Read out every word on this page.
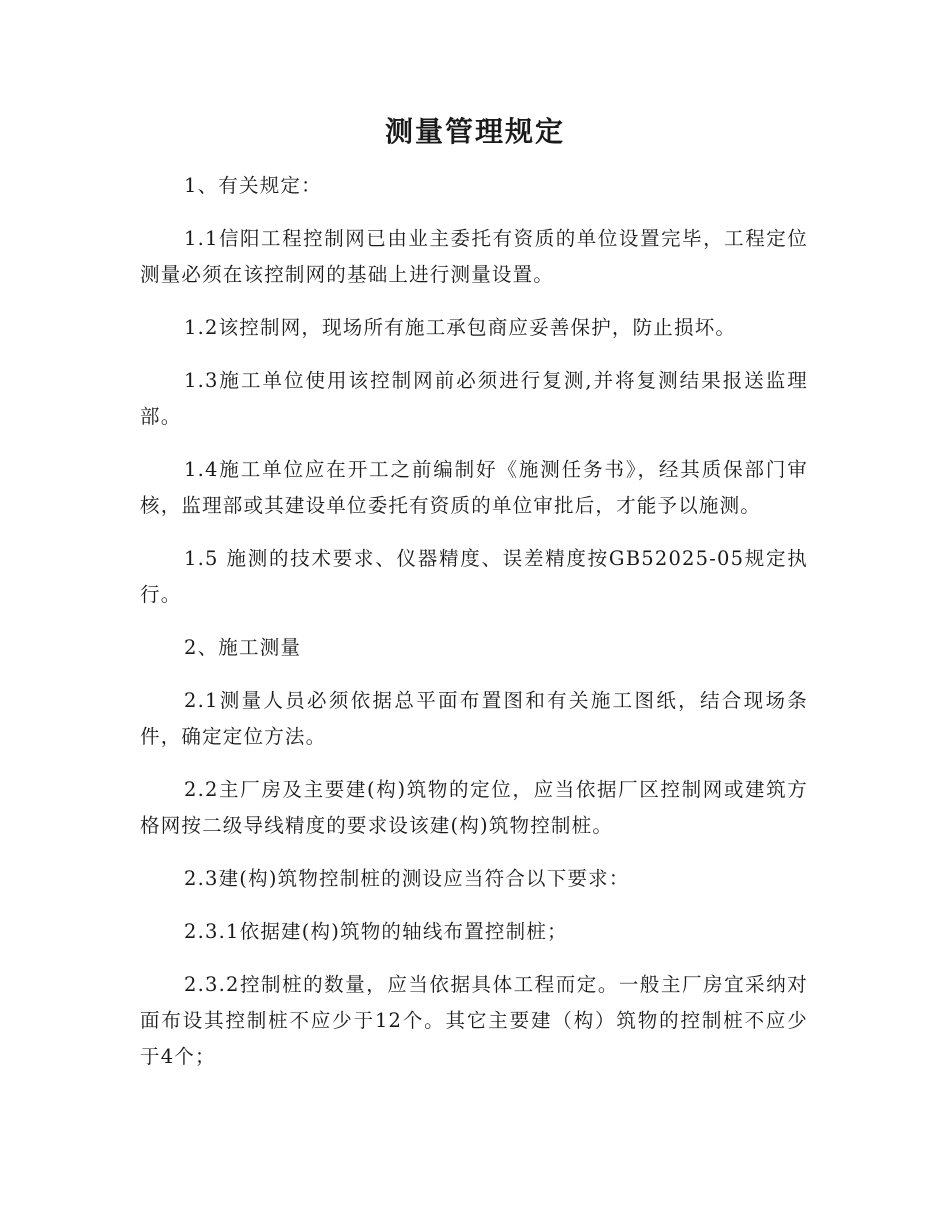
测量管理规定

1、有关规定：

1.1信阳工程控制网已由业主委托有资质的单位设置完毕，工程定位测量必须在该控制网的基础上进行测量设置。

1.2该控制网，现场所有施工承包商应妥善保护，防止损坏。

1.3施工单位使用该控制网前必须进行复测,并将复测结果报送监理部。

1.4施工单位应在开工之前编制好《施测任务书》，经其质保部门审核，监理部或其建设单位委托有资质的单位审批后，才能予以施测。

1.5 施测的技术要求、仪器精度、误差精度按GB52025-05规定执行。

2、施工测量

2.1测量人员必须依据总平面布置图和有关施工图纸，结合现场条件，确定定位方法。

2.2主厂房及主要建(构)筑物的定位，应当依据厂区控制网或建筑方格网按二级导线精度的要求设该建(构)筑物控制桩。

2.3建(构)筑物控制桩的测设应当符合以下要求：

2.3.1依据建(构)筑物的轴线布置控制桩；

2.3.2控制桩的数量，应当依据具体工程而定。一般主厂房宜采纳对面布设其控制桩不应少于12个。其它主要建（构）筑物的控制桩不应少于4个；
